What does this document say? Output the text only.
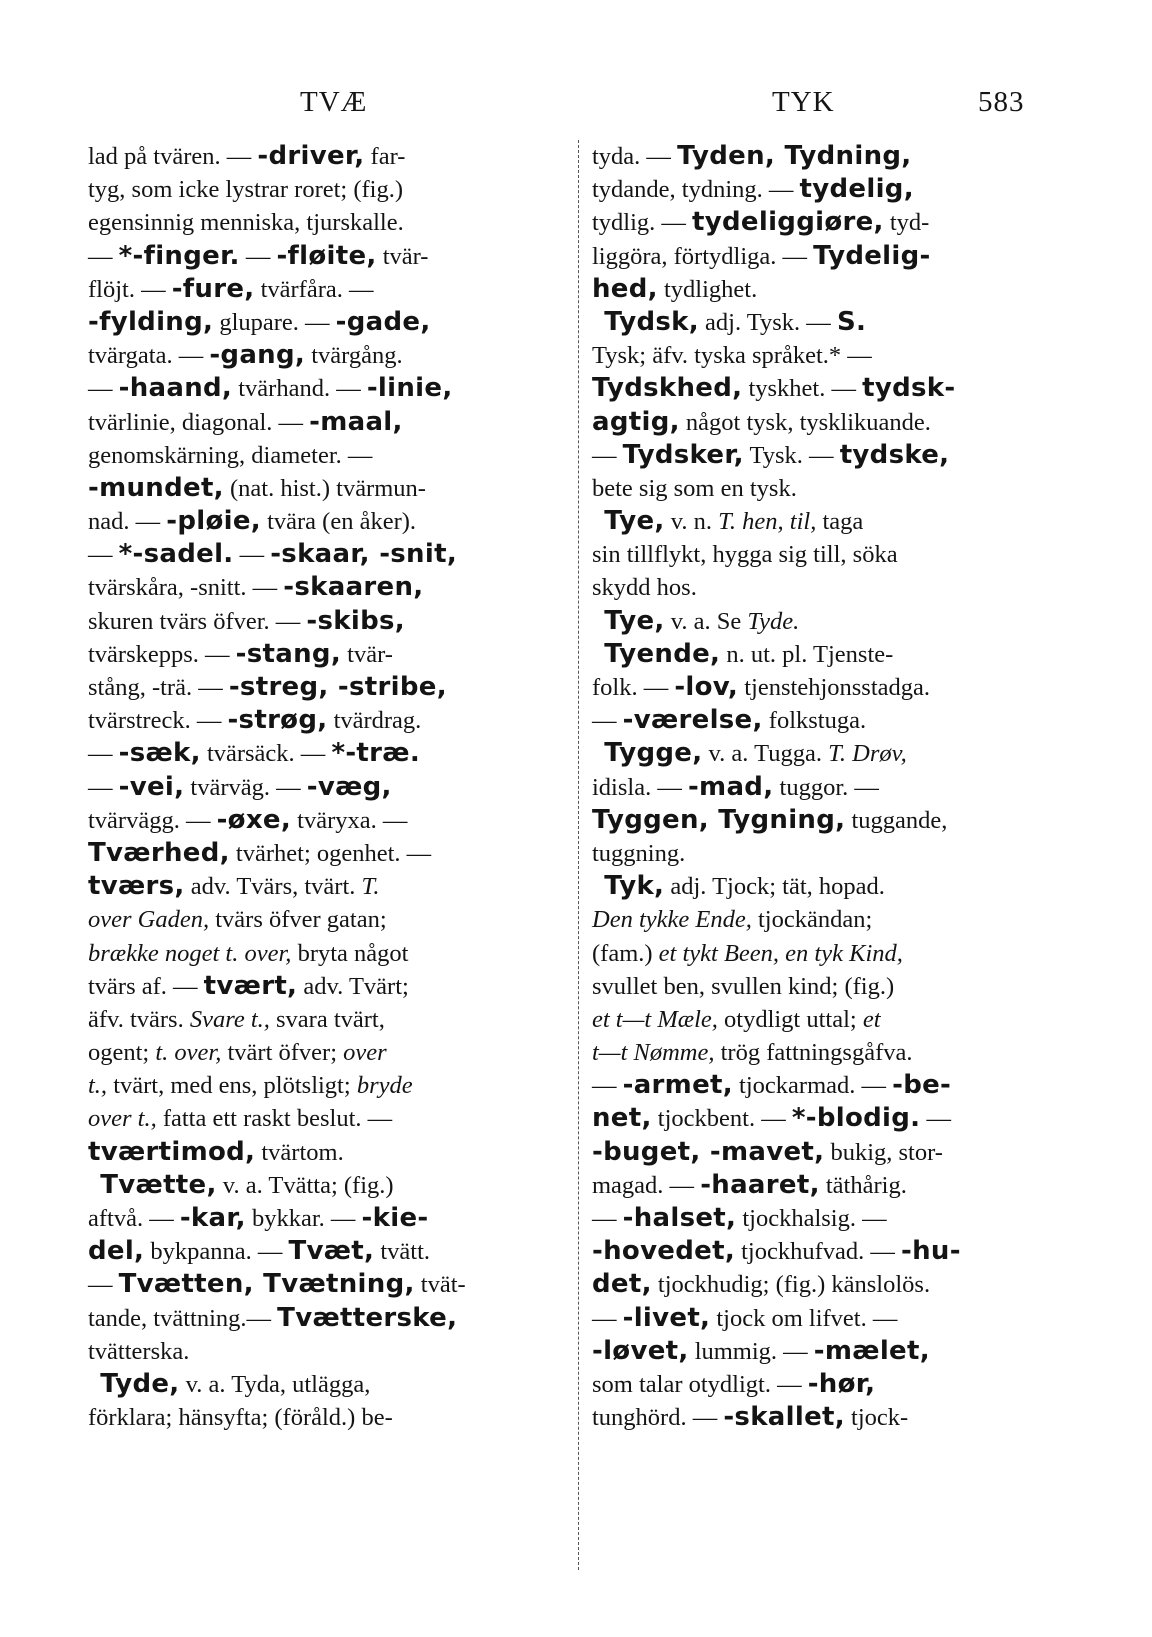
TVÆ	TYK	583
lad på tvären. — -driver, far-
tyg, som icke lystrar roret; (fig.)
egensinnig menniska, tjurskalle.
— *-finger. — -fløite, tvär-
flöjt. — -fure, tvärfåra. —
-fylding, glupare. — -gade,
tvärgata. — -gang, tvärgång.
— -haand, tvärhand. — -linie,
tvärlinie, diagonal. — -maal,
genomskärning, diameter. —
-mundet, (nat. hist.) tvärmun-
nad. — -pløie, tvära (en åker).
— *-sadel. — -skaar, -snit,
tvärskåra, -snitt. — -skaaren,
skuren tvärs öfver. — -skibs,
tvärskepps. — -stang, tvär-
stång, -trä. — -streg, -stribe,
tvärstreck. — -strøg, tvärdrag.
— -sæk, tvärsäck. — *-træ.
— -vei, tvärväg. — -væg,
tvärvägg. — -øxe, tväryxa. —
Tværhed, tvärhet; ogenhet. —
tværs, adv. Tvärs, tvärt. T.
over Gaden, tvärs öfver gatan;
brække noget t. over, bryta något
tvärs af. — tvært, adv. Tvärt;
äfv. tvärs. Svare t., svara tvärt,
ogent; t. over, tvärt öfver; over
t., tvärt, med ens, plötsligt; bryde
over t., fatta ett raskt beslut. —
tværtimod, tvärtom.
Tvætte, v. a. Tvätta; (fig.)
aftvå. — -kar, bykkar. — -kie-
del, bykpanna. — Tvæt, tvätt.
— Tvætten, Tvætning, tvät-
tande, tvättning.— Tvætterske,
tvätterska.
Tyde, v. a. Tyda, utlägga,
förklara; hänsyfta; (föråld.) be-
tyda. — Tyden, Tydning,
tydande, tydning. — tydelig,
tydlig. — tydeliggiøre, tyd-
liggöra, förtydliga. — Tydelig-
hed, tydlighet.
Tydsk, adj. Tysk. — S.
Tysk; äfv. tyska språket.* —
Tydskhed, tyskhet. — tydsk-
agtig, något tysk, tysklikuande.
— Tydsker, Tysk. — tydske,
bete sig som en tysk.
Tye, v. n. T. hen, til, taga
sin tillflykt, hygga sig till, söka
skydd hos.
Tye, v. a. Se Tyde.
Tyende, n. ut. pl. Tjenste-
folk. — -lov, tjenstehjonsstadga.
— -værelse, folkstuga.
Tygge, v. a. Tugga. T. Drøv,
idisla. — -mad, tuggor. —
Tyggen, Tygning, tuggande,
tuggning.
Tyk, adj. Tjock; tät, hopad.
Den tykke Ende, tjockändan;
(fam.) et tykt Been, en tyk Kind,
svullet ben, svullen kind; (fig.)
et t—t Mæle, otydligt uttal; et
t—t Nømme, trög fattningsgåfva.
— -armet, tjockarmad. — -be-
net, tjockbent. — *-blodig. —
-buget, -mavet, bukig, stor-
magad. — -haaret, täthårig.
— -halset, tjockhalsig. —
-hovedet, tjockhufvad. — -hu-
det, tjockhudig; (fig.) känslolös.
— -livet, tjock om lifvet. —
-løvet, lummig. — -mælet,
som talar otydligt. — -hør,
tunghörd. — -skallet, tjock-
